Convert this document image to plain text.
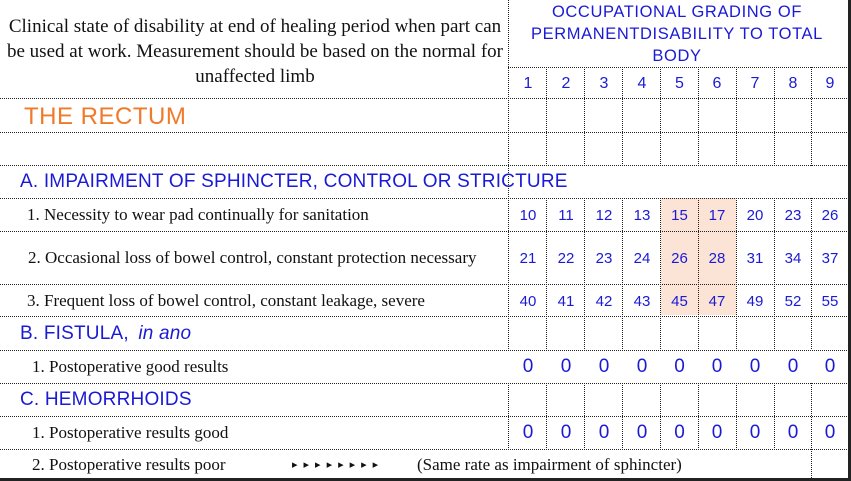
Clinical state of disability at end of healing period when part can be used at work. Measurement should be based on the normal for unaffected limb
OCCUPATIONAL GRADING OF PERMANENTDISABILITY TO TOTAL BODY
1	2	3	4	5	6	7	8	9
THE RECTUM
A. IMPAIRMENT OF SPHINCTER, CONTROL OR STRICTURE
1. Necessity to wear pad continually for sanitation	10	11	12	13	15	17	20	23	26
2. Occasional loss of bowel control, constant protection necessary	21	22	23	24	26	28	31	34	37
3. Frequent loss of bowel control, constant leakage, severe	40	41	42	43	45	47	49	52	55
B. FISTULA, in ano
1. Postoperative good results	0	0	0	0	0	0	0	0	0
C. HEMORRHOIDS
1. Postoperative results good	0	0	0	0	0	0	0	0	0
2. Postoperative results poor	▸▸▸▸▸▸▸▸	(Same rate as impairment of sphincter)
